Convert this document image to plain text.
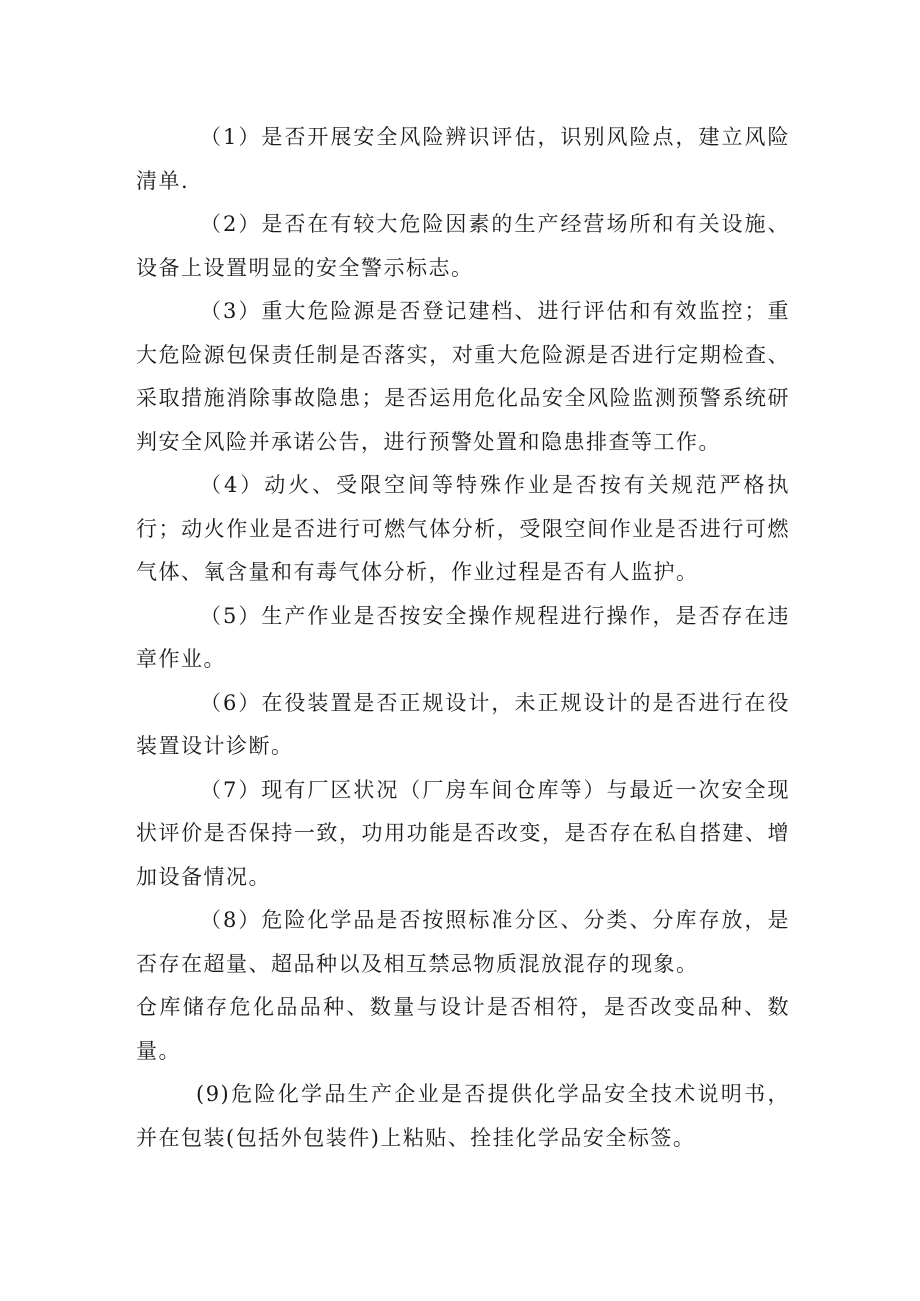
（1）是否开展安全风险辨识评估，识别风险点，建立风险清单.

（2）是否在有较大危险因素的生产经营场所和有关设施、设备上设置明显的安全警示标志。

（3）重大危险源是否登记建档、进行评估和有效监控；重大危险源包保责任制是否落实，对重大危险源是否进行定期检查、采取措施消除事故隐患；是否运用危化品安全风险监测预警系统研判安全风险并承诺公告，进行预警处置和隐患排查等工作。

（4）动火、受限空间等特殊作业是否按有关规范严格执行；动火作业是否进行可燃气体分析，受限空间作业是否进行可燃气体、氧含量和有毒气体分析，作业过程是否有人监护。

（5）生产作业是否按安全操作规程进行操作，是否存在违章作业。

（6）在役装置是否正规设计，未正规设计的是否进行在役装置设计诊断。

（7）现有厂区状况（厂房车间仓库等）与最近一次安全现状评价是否保持一致，功用功能是否改变，是否存在私自搭建、增加设备情况。

（8）危险化学品是否按照标准分区、分类、分库存放，是否存在超量、超品种以及相互禁忌物质混放混存的现象。

仓库储存危化品品种、数量与设计是否相符，是否改变品种、数量。

(9)危险化学品生产企业是否提供化学品安全技术说明书，并在包装(包括外包装件)上粘贴、拴挂化学品安全标签。
